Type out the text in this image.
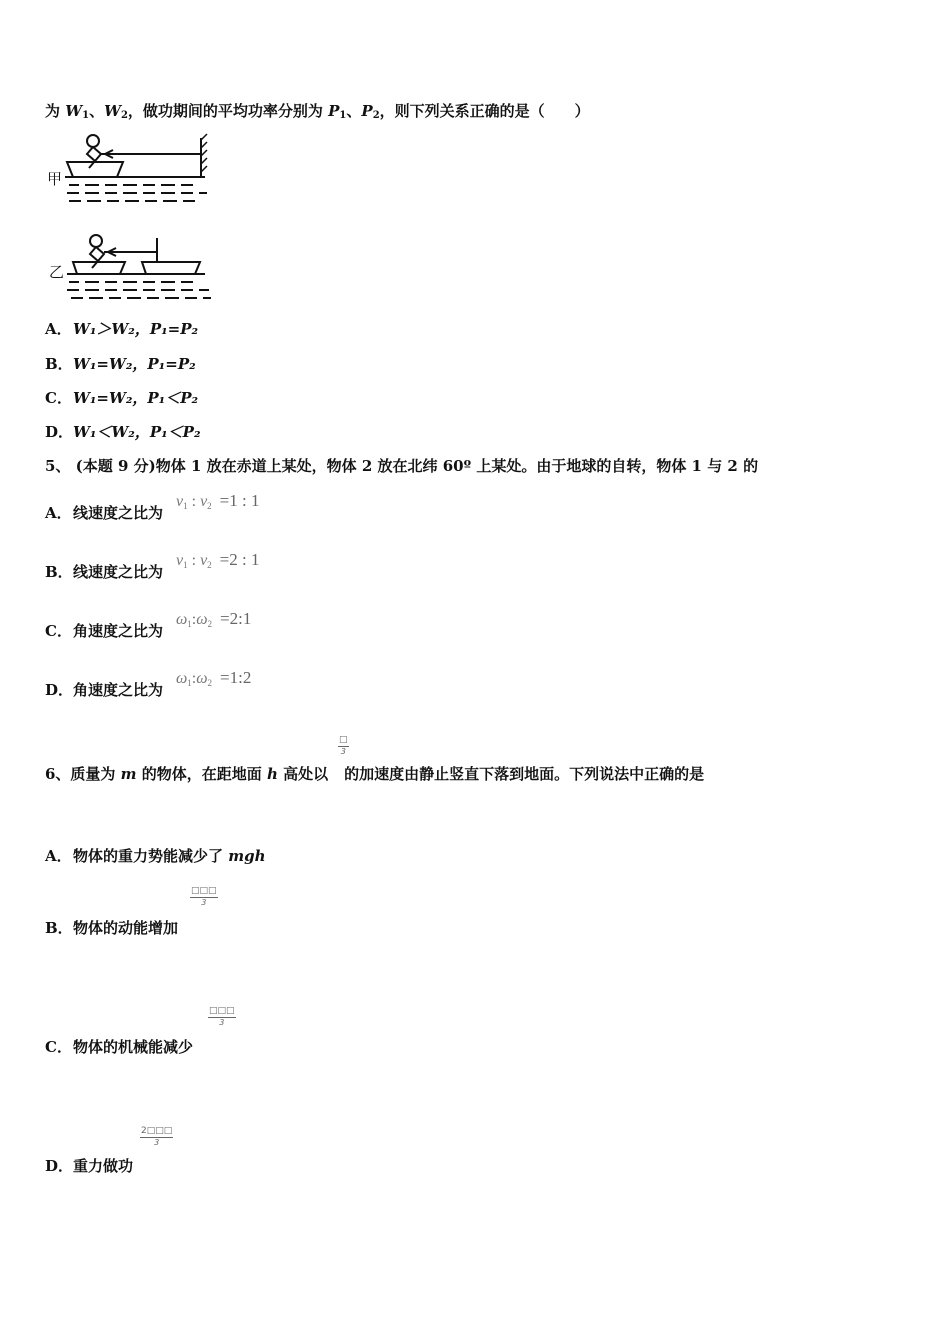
为 $W_1$、$W_2$，做功期间的平均功率分别为 $P_1$、$P_2$，则下列关系正确的是（　　）
甲
乙
A．W₁＞W₂，P₁=P₂
B．W₁=W₂，P₁=P₂
C．W₁=W₂，P₁＜P₂
D．W₁＜W₂，P₁＜P₂
5、 (本题 9 分)物体 1 放在赤道上某处，物体 2 放在北纬 60º 上某处。由于地球的自转，物体 1 与 2 的
A．线速度之比为
$v_1$ : $v_2 =1$ : 1
B．线速度之比为
$v_1$ : $v_2 =2$ : 1
C．角速度之比为
$\omega_1:\omega_2$ =2:1
D．角速度之比为
$\omega_1:\omega_2$ =1:2
□
3
6、质量为 m 的物体，在距地面 h 高处以 的加速度由静止竖直下落到地面。下列说法中正确的是
A．物体的重力势能减少了 mgh
□□□
3
B．物体的动能增加
□□□
3
C．物体的机械能减少
$\frac{2□□□}{3}$
D．重力做功
